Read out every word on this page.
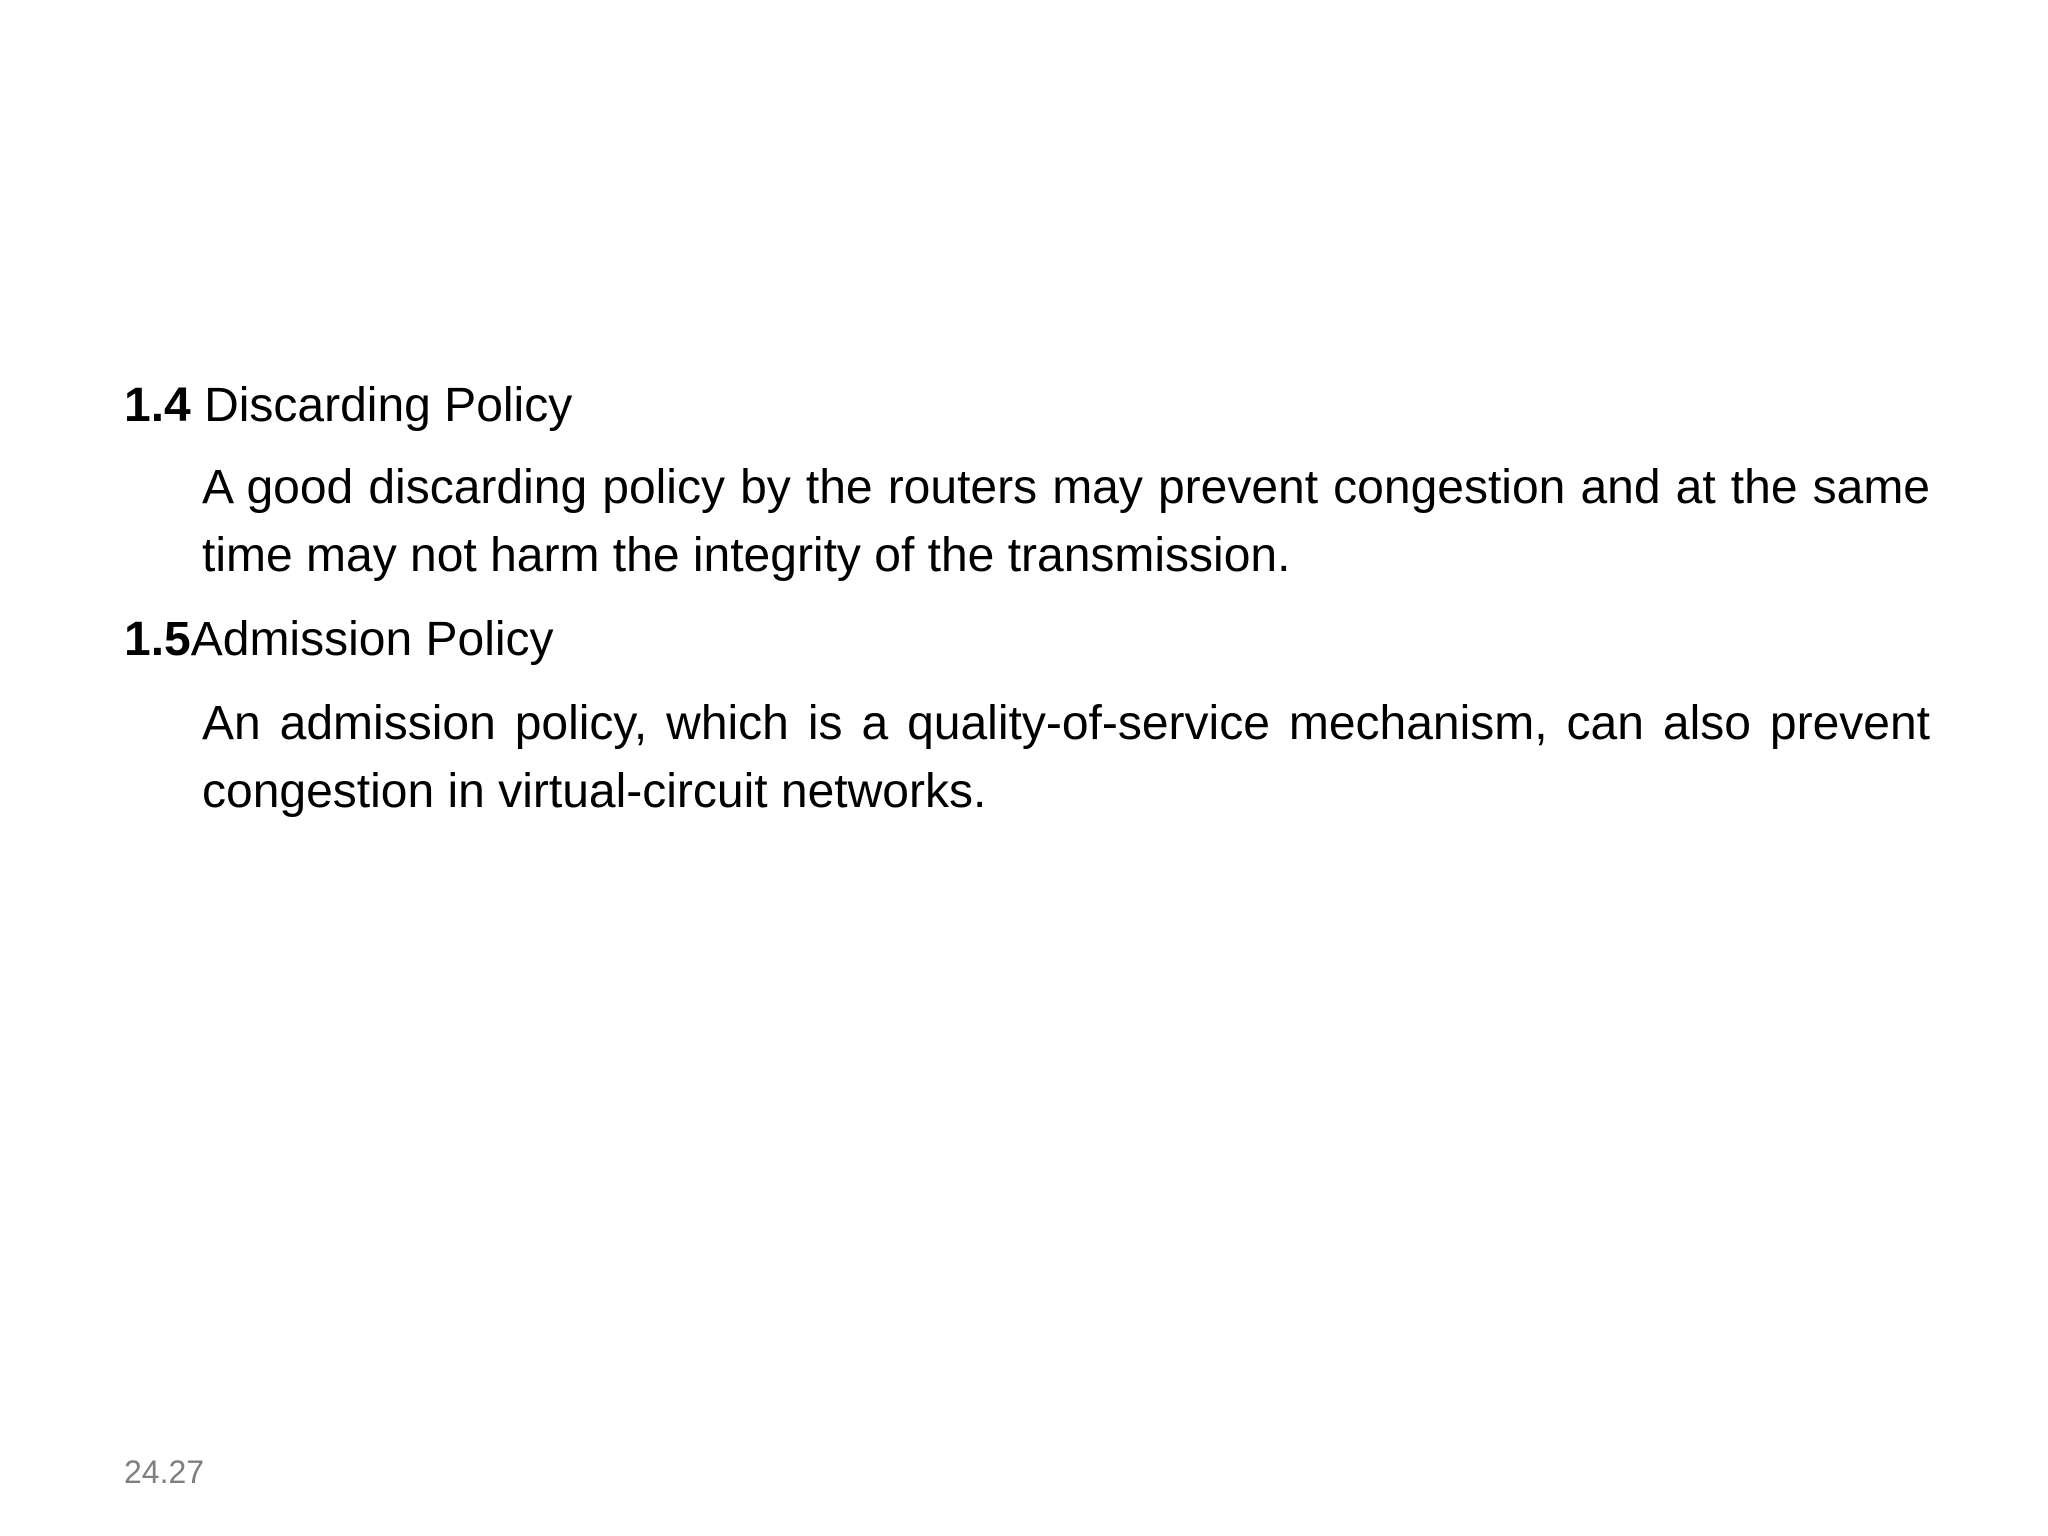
1.4 Discarding Policy
A good discarding policy by the routers may prevent congestion and at the same time may not harm the integrity of the transmission.
1.5Admission Policy
An admission policy, which is a quality-of-service mechanism, can also prevent congestion in virtual-circuit networks.
24.27
